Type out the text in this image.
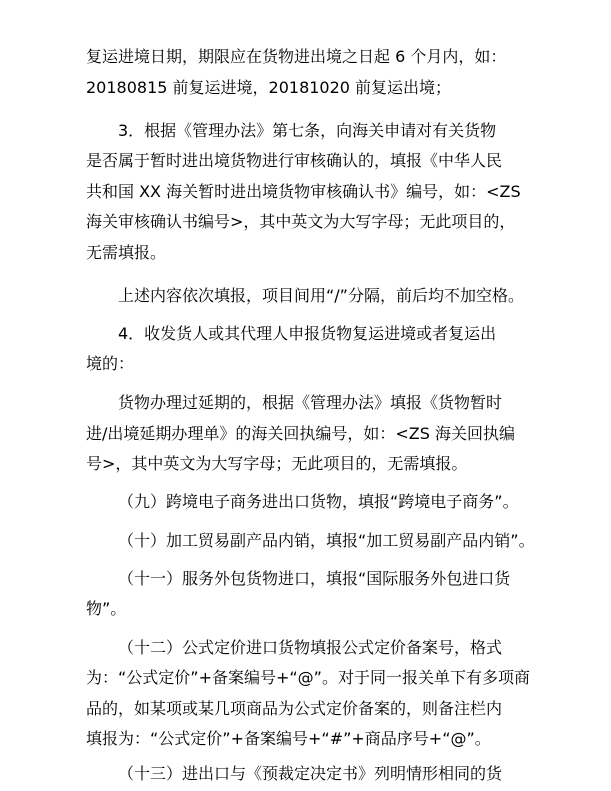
复运进境日期，期限应在货物进出境之日起 6 个月内，如：
20180815 前复运进境，20181020 前复运出境；
3．根据《管理办法》第七条，向海关申请对有关货物
是否属于暂时进出境货物进行审核确认的，填报《中华人民
共和国 XX 海关暂时进出境货物审核确认书》编号，如：<ZS
海关审核确认书编号>，其中英文为大写字母；无此项目的，
无需填报。
上述内容依次填报，项目间用“/”分隔，前后均不加空格。
4．收发货人或其代理人申报货物复运进境或者复运出
境的：
货物办理过延期的，根据《管理办法》填报《货物暂时
进/出境延期办理单》的海关回执编号，如：<ZS 海关回执编
号>，其中英文为大写字母；无此项目的，无需填报。
（九）跨境电子商务进出口货物，填报“跨境电子商务”。
（十）加工贸易副产品内销，填报“加工贸易副产品内销”。
（十一）服务外包货物进口，填报“国际服务外包进口货
物”。
（十二）公式定价进口货物填报公式定价备案号，格式
为：“公式定价”+备案编号+“@”。对于同一报关单下有多项商
品的，如某项或某几项商品为公式定价备案的，则备注栏内
填报为：“公式定价”+备案编号+“#”+商品序号+“@”。
（十三）进出口与《预裁定决定书》列明情形相同的货
